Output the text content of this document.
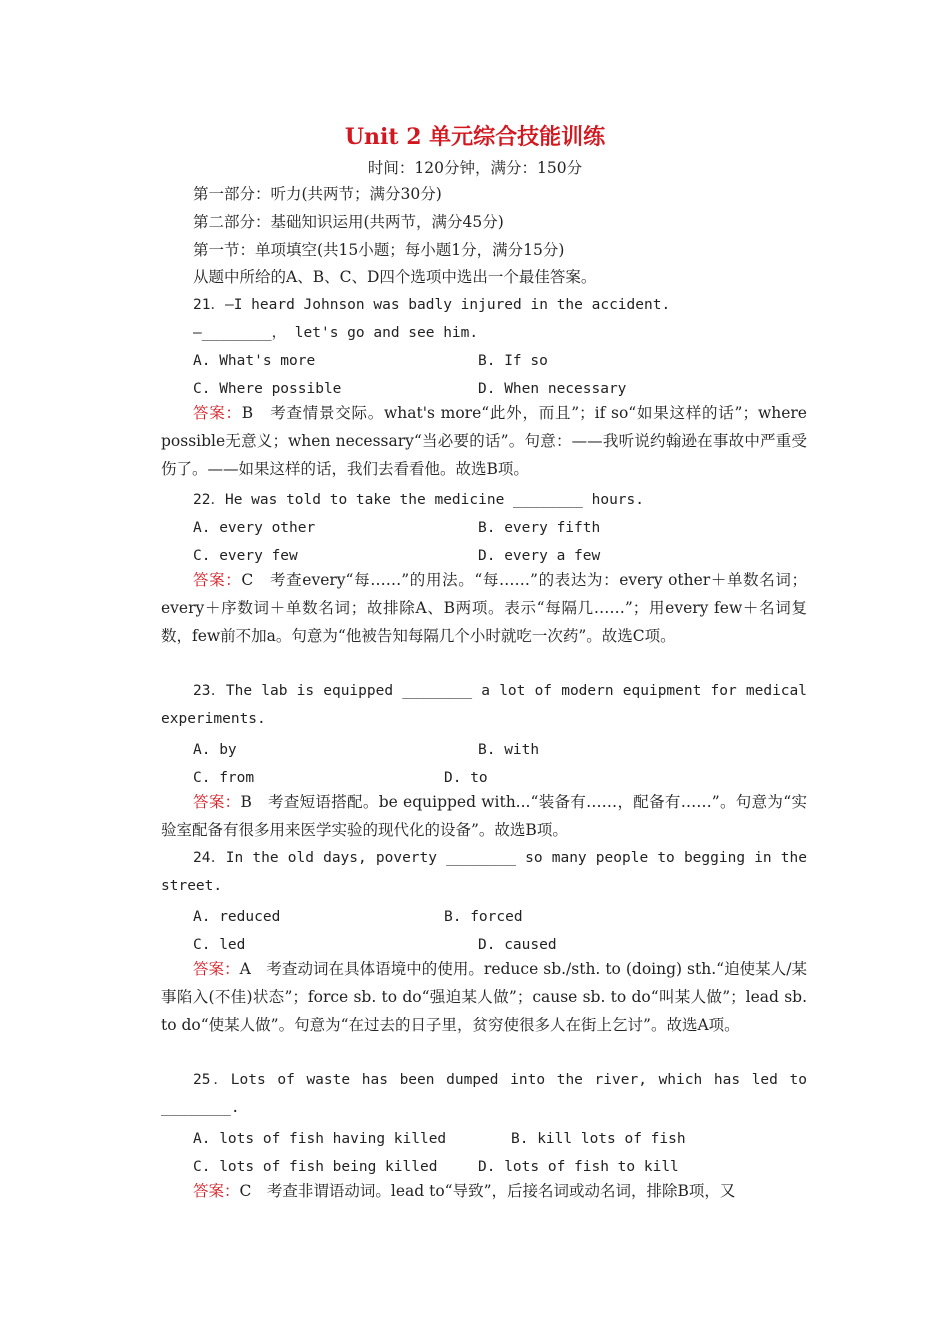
Unit 2 单元综合技能训练
时间：120分钟，满分：150分
第一部分：听力(共两节；满分30分)
第二部分：基础知识运用(共两节，满分45分)
第一节：单项填空(共15小题；每小题1分，满分15分)
从题中所给的A、B、C、D四个选项中选出一个最佳答案。
21．—I heard Johnson was badly injured in the accident.
—________， let's go and see him.
A. What's more	B. If so
C. Where possible	D. When necessary
答案：B　考查情景交际。what's more“此外，而且”；if so“如果这样的话”；where possible无意义；when necessary“当必要的话”。句意：——我听说约翰逊在事故中严重受伤了。——如果这样的话，我们去看看他。故选B项。
22．He was told to take the medicine ________ hours.
A. every other	B. every fifth
C. every few	D. every a few
答案：C　考查every“每……”的用法。“每……”的表达为：every other＋单数名词；every＋序数词＋单数名词；故排除A、B两项。表示“每隔几……”；用every few＋名词复数，few前不加a。句意为“他被告知每隔几个小时就吃一次药”。故选C项。
23．The lab is equipped ________ a lot of modern equipment for medical experiments.
A. by	B. with
C. from	D. to
答案：B　考查短语搭配。be equipped with...“装备有……，配备有……”。句意为“实验室配备有很多用来医学实验的现代化的设备”。故选B项。
24．In the old days, poverty ________ so many people to begging in the street.
A. reduced	B. forced
C. led	D. caused
答案：A　考查动词在具体语境中的使用。reduce sb./sth. to (doing) sth.“迫使某人/某事陷入(不佳)状态”；force sb. to do“强迫某人做”；cause sb. to do“叫某人做”；lead sb. to do“使某人做”。句意为“在过去的日子里，贫穷使很多人在街上乞讨”。故选A项。
25．Lots of waste has been dumped into the river, which has led to ________.
A. lots of fish having killed	B. kill lots of fish
C. lots of fish being killed	D. lots of fish to kill
答案：C　考查非谓语动词。lead to“导致”，后接名词或动名词，排除B项，又
